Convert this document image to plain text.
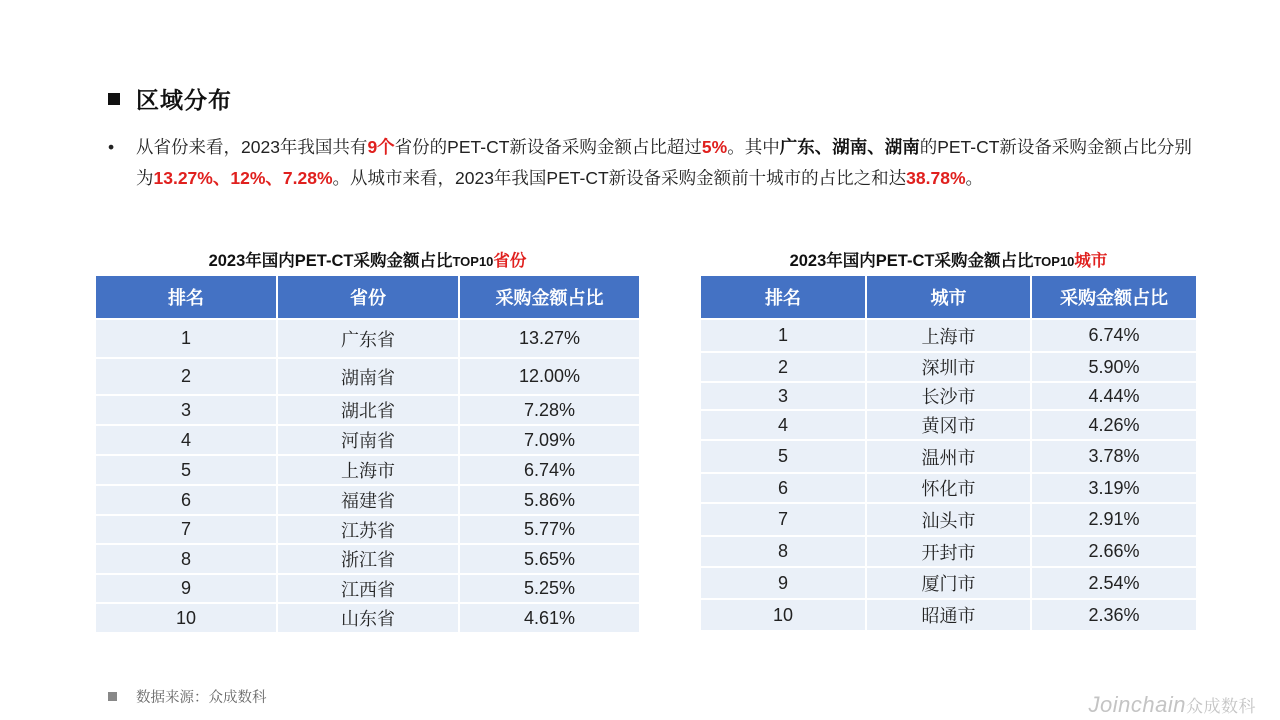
区域分布
•	从省份来看，2023年我国共有9个省份的PET-CT新设备采购金额占比超过5%。其中广东、湖南、湖南的PET-CT新设备采购金额占比分别为13.27%、12%、7.28%。从城市来看，2023年我国PET-CT新设备采购金额前十城市的占比之和达38.78%。
2023年国内PET-CT采购金额占比TOP10省份
排名	省份	采购金额占比
1	广东省	13.27%
2	湖南省	12.00%
3	湖北省	7.28%
4	河南省	7.09%
5	上海市	6.74%
6	福建省	5.86%
7	江苏省	5.77%
8	浙江省	5.65%
9	江西省	5.25%
10	山东省	4.61%
2023年国内PET-CT采购金额占比TOP10城市
排名	城市	采购金额占比
1	上海市	6.74%
2	深圳市	5.90%
3	长沙市	4.44%
4	黄冈市	4.26%
5	温州市	3.78%
6	怀化市	3.19%
7	汕头市	2.91%
8	开封市	2.66%
9	厦门市	2.54%
10	昭通市	2.36%
数据来源：众成数科	Joinchain众成数科
